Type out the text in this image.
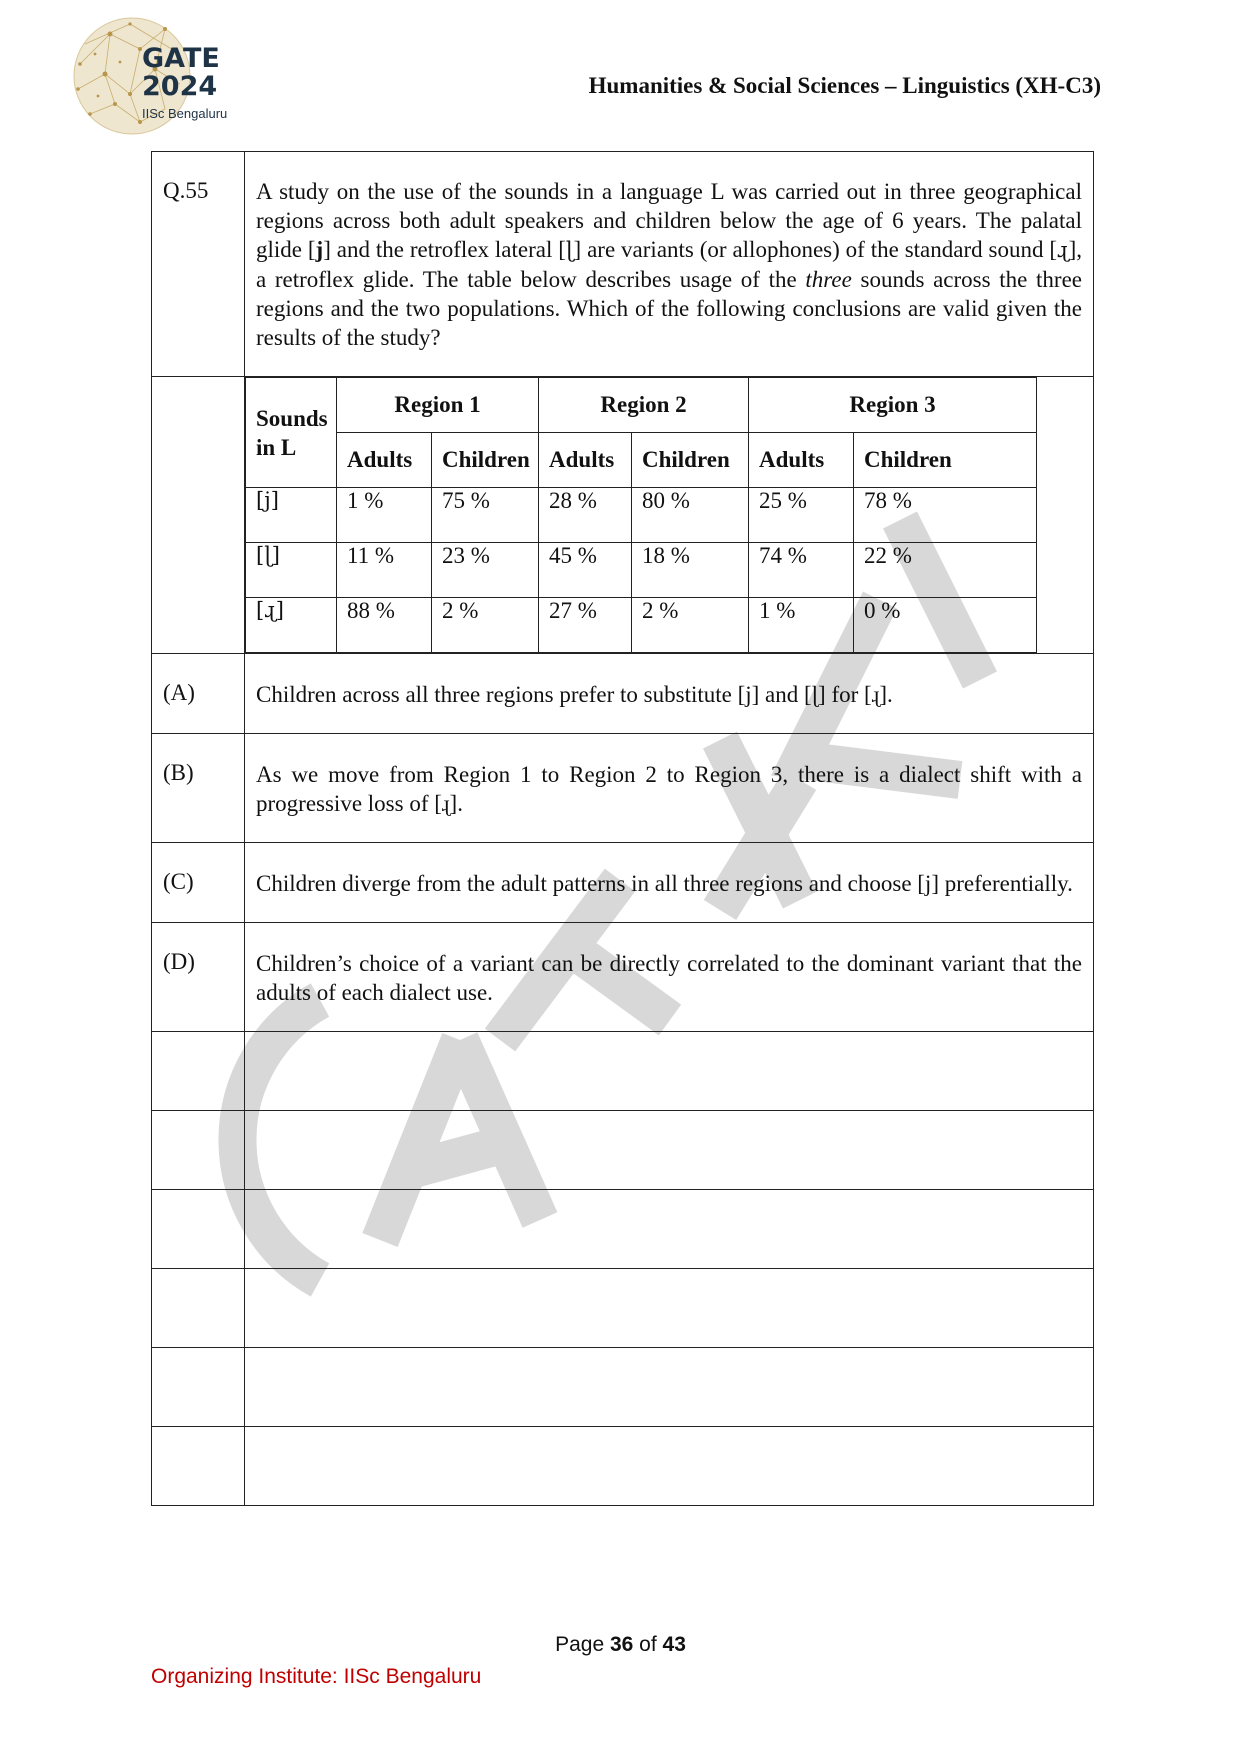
GATE
2024
IISc Bengaluru
Humanities & Social Sciences – Linguistics (XH-C3)
Q.55	A study on the use of the sounds in a language L was carried out in three geographical regions across both adult speakers and children below the age of 6 years. The palatal glide [j] and the retroflex lateral [ɭ] are variants (or allophones) of the standard sound [ɻ], a retroflex glide. The table below describes usage of the three sounds across the three regions and the two populations. Which of the following conclusions are valid given the results of the study?

Sounds in L	Region 1	Region 2	Region 3
Adults	Children	Adults	Children	Adults	Children
[j]	1 %	75 %	28 %	80 %	25 %	78 %
[ɭ]	11 %	23 %	45 %	18 %	74 %	22 %
[ɻ]	88 %	2 %	27 %	2 %	1 %	0 %

(A)	Children across all three regions prefer to substitute [j] and [ɭ] for [ɻ].

(B)	As we move from Region 1 to Region 2 to Region 3, there is a dialect shift with a progressive loss of [ɻ].

(C)	Children diverge from the adult patterns in all three regions and choose [j] preferentially.

(D)	Children’s choice of a variant can be directly correlated to the dominant variant that the adults of each dialect use.

Page 36 of 43
Organizing Institute: IISc Bengaluru
